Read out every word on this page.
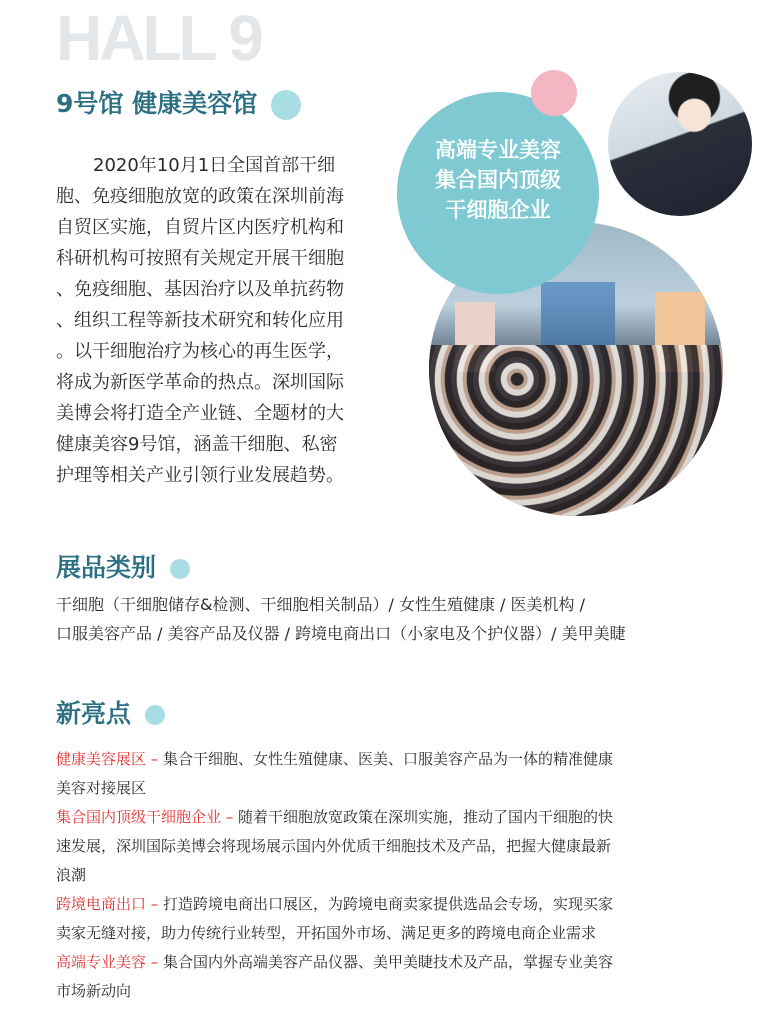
HALL 9
9号馆 健康美容馆
2020年10月1日全国首部干细
胞、免疫细胞放宽的政策在深圳前海
自贸区实施，自贸片区内医疗机构和
科研机构可按照有关规定开展干细胞
、免疫细胞、基因治疗以及单抗药物
、组织工程等新技术研究和转化应用
。以干细胞治疗为核心的再生医学，
将成为新医学革命的热点。深圳国际
美博会将打造全产业链、全题材的大
健康美容9号馆，涵盖干细胞、私密
护理等相关产业引领行业发展趋势。
高端专业美容
集合国内顶级
干细胞企业
展品类别
干细胞（干细胞储存&检测、干细胞相关制品）/ 女性生殖健康 / 医美机构 /
口服美容产品 / 美容产品及仪器 / 跨境电商出口（小家电及个护仪器）/ 美甲美睫
新亮点
健康美容展区 – 集合干细胞、女性生殖健康、医美、口服美容产品为一体的精准健康
美容对接展区
集合国内顶级干细胞企业 – 随着干细胞放宽政策在深圳实施，推动了国内干细胞的快
速发展，深圳国际美博会将现场展示国内外优质干细胞技术及产品，把握大健康最新
浪潮
跨境电商出口 – 打造跨境电商出口展区，为跨境电商卖家提供选品会专场，实现买家
卖家无缝对接，助力传统行业转型，开拓国外市场、满足更多的跨境电商企业需求
高端专业美容 – 集合国内外高端美容产品仪器、美甲美睫技术及产品，掌握专业美容
市场新动向
